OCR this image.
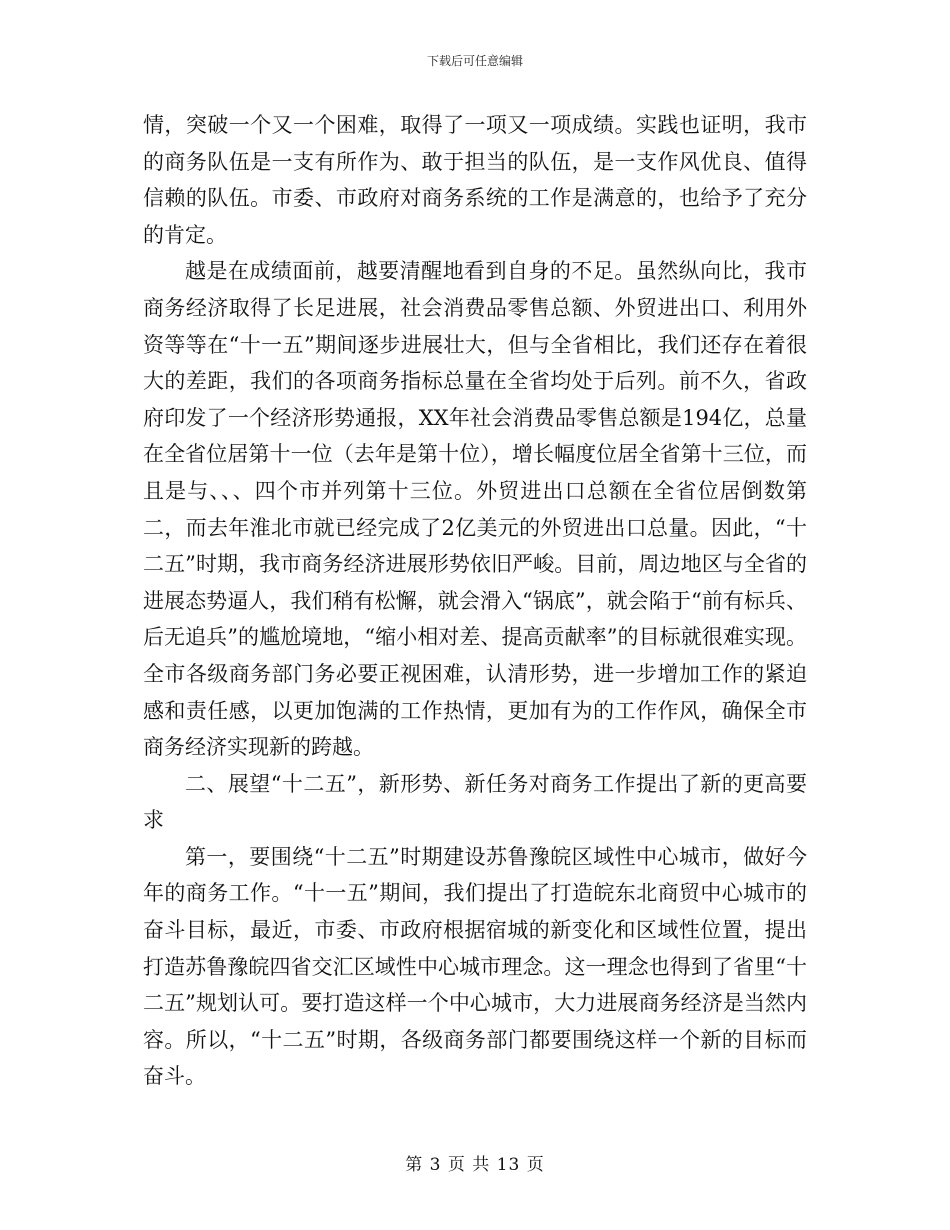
下载后可任意编辑

情，突破一个又一个困难，取得了一项又一项成绩。实践也证明，我市的商务队伍是一支有所作为、敢于担当的队伍，是一支作风优良、值得信赖的队伍。市委、市政府对商务系统的工作是满意的，也给予了充分的肯定。

越是在成绩面前，越要清醒地看到自身的不足。虽然纵向比，我市商务经济取得了长足进展，社会消费品零售总额、外贸进出口、利用外资等等在“十一五”期间逐步进展壮大，但与全省相比，我们还存在着很大的差距，我们的各项商务指标总量在全省均处于后列。前不久，省政府印发了一个经济形势通报，XX年社会消费品零售总额是194亿，总量在全省位居第十一位（去年是第十位），增长幅度位居全省第十三位，而且是与、、、四个市并列第十三位。外贸进出口总额在全省位居倒数第二，而去年淮北市就已经完成了2亿美元的外贸进出口总量。因此，“十二五”时期，我市商务经济进展形势依旧严峻。目前，周边地区与全省的进展态势逼人，我们稍有松懈，就会滑入“锅底”，就会陷于“前有标兵、后无追兵”的尴尬境地，“缩小相对差、提高贡献率”的目标就很难实现。全市各级商务部门务必要正视困难，认清形势，进一步增加工作的紧迫感和责任感，以更加饱满的工作热情，更加有为的工作作风，确保全市商务经济实现新的跨越。

二、展望“十二五”，新形势、新任务对商务工作提出了新的更高要求

第一，要围绕“十二五”时期建设苏鲁豫皖区域性中心城市，做好今年的商务工作。“十一五”期间，我们提出了打造皖东北商贸中心城市的奋斗目标，最近，市委、市政府根据宿城的新变化和区域性位置，提出打造苏鲁豫皖四省交汇区域性中心城市理念。这一理念也得到了省里“十二五”规划认可。要打造这样一个中心城市，大力进展商务经济是当然内容。所以，“十二五”时期，各级商务部门都要围绕这样一个新的目标而奋斗。

第 3 页 共 13 页
